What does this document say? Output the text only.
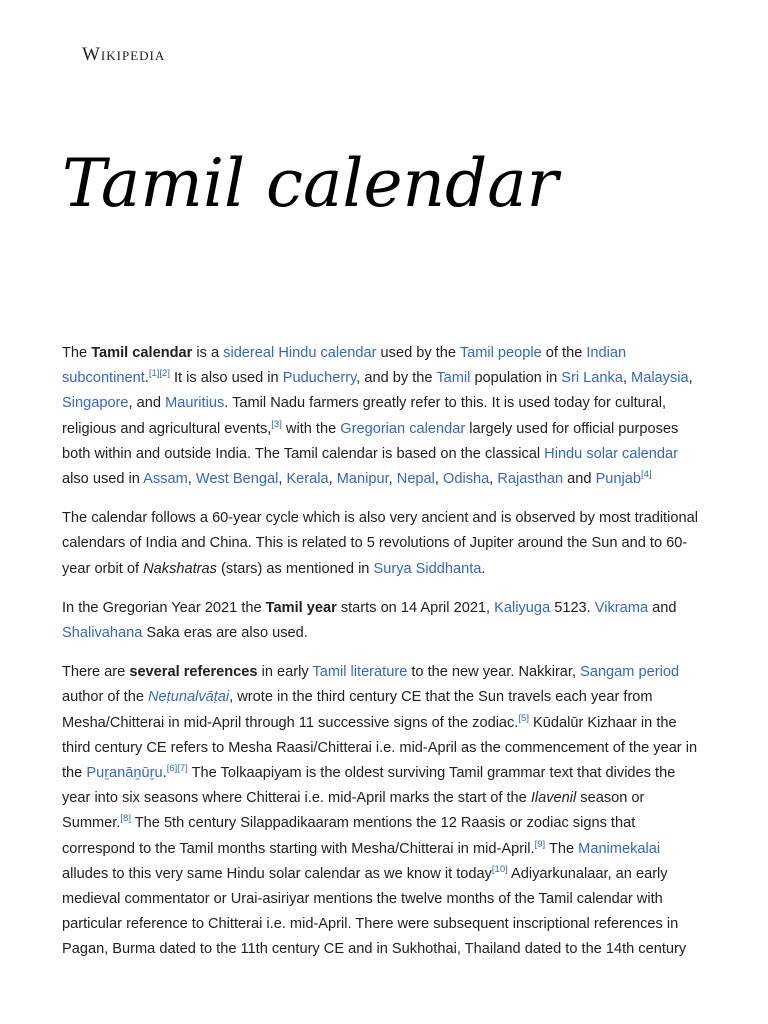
Wikipedia
Tamil calendar

The Tamil calendar is a sidereal Hindu calendar used by the Tamil people of the Indian subcontinent.[1][2] It is also used in Puducherry, and by the Tamil population in Sri Lanka, Malaysia, Singapore, and Mauritius. Tamil Nadu farmers greatly refer to this. It is used today for cultural, religious and agricultural events,[3] with the Gregorian calendar largely used for official purposes both within and outside India. The Tamil calendar is based on the classical Hindu solar calendar also used in Assam, West Bengal, Kerala, Manipur, Nepal, Odisha, Rajasthan and Punjab[4]

The calendar follows a 60-year cycle which is also very ancient and is observed by most traditional calendars of India and China. This is related to 5 revolutions of Jupiter around the Sun and to 60-year orbit of Nakshatras (stars) as mentioned in Surya Siddhanta.

In the Gregorian Year 2021 the Tamil year starts on 14 April 2021, Kaliyuga 5123. Vikrama and Shalivahana Saka eras are also used.

There are several references in early Tamil literature to the new year. Nakkirar, Sangam period author of the Neṭunalvāṭai, wrote in the third century CE that the Sun travels each year from Mesha/Chitterai in mid-April through 11 successive signs of the zodiac.[5] Kūdalūr Kizhaar in the third century CE refers to Mesha Raasi/Chitterai i.e. mid-April as the commencement of the year in the Puṟanāṉūṟu.[6][7] The Tolkaapiyam is the oldest surviving Tamil grammar text that divides the year into six seasons where Chitterai i.e. mid-April marks the start of the Ilavenil season or Summer.[8] The 5th century Silappadikaaram mentions the 12 Raasis or zodiac signs that correspond to the Tamil months starting with Mesha/Chitterai in mid-April.[9] The Manimekalai alludes to this very same Hindu solar calendar as we know it today[10] Adiyarkunalaar, an early medieval commentator or Urai-asiriyar mentions the twelve months of the Tamil calendar with particular reference to Chitterai i.e. mid-April. There were subsequent inscriptional references in Pagan, Burma dated to the 11th century CE and in Sukhothai, Thailand dated to the 14th century
